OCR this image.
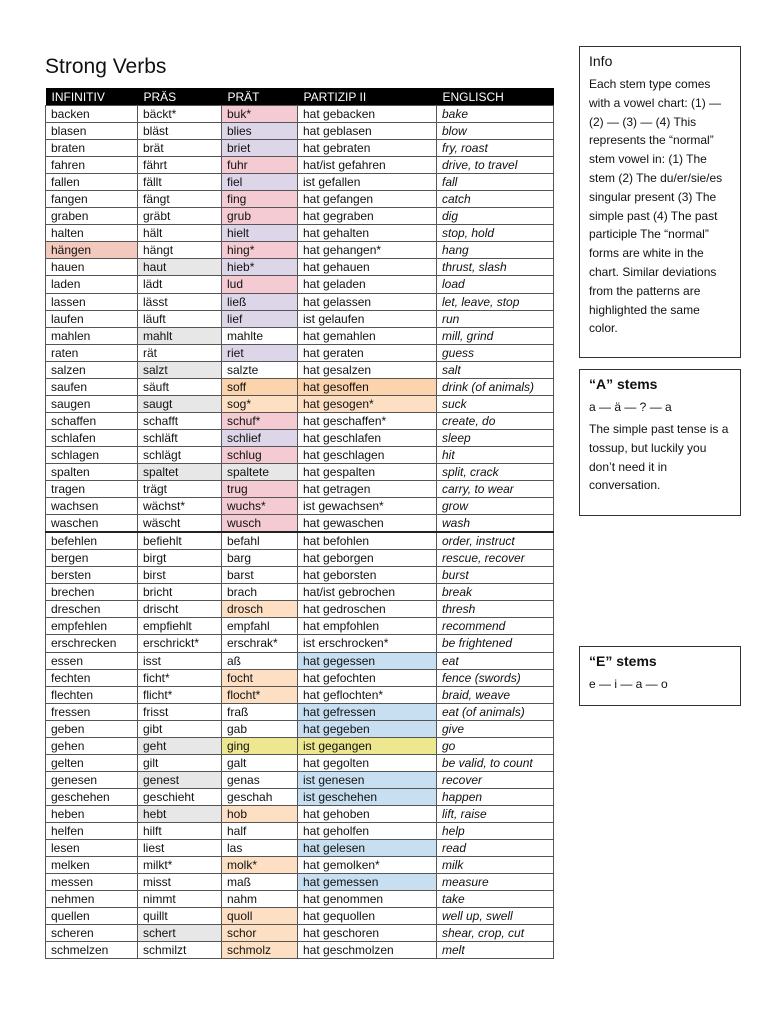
Strong Verbs
INFINITIV	PRÄS	PRÄT	PARTIZIP II	ENGLISCH
backen	bäckt*	buk*	hat gebacken	bake
blasen	bläst	blies	hat geblasen	blow
braten	brät	briet	hat gebraten	fry, roast
fahren	fährt	fuhr	hat/ist gefahren	drive, to travel
fallen	fällt	fiel	ist gefallen	fall
fangen	fängt	fing	hat gefangen	catch
graben	gräbt	grub	hat gegraben	dig
halten	hält	hielt	hat gehalten	stop, hold
hängen	hängt	hing*	hat gehangen*	hang
hauen	haut	hieb*	hat gehauen	thrust, slash
laden	lädt	lud	hat geladen	load
lassen	lässt	ließ	hat gelassen	let, leave, stop
laufen	läuft	lief	ist gelaufen	run
mahlen	mahlt	mahlte	hat gemahlen	mill, grind
raten	rät	riet	hat geraten	guess
salzen	salzt	salzte	hat gesalzen	salt
saufen	säuft	soff	hat gesoffen	drink (of animals)
saugen	saugt	sog*	hat gesogen*	suck
schaffen	schafft	schuf*	hat geschaffen*	create, do
schlafen	schläft	schlief	hat geschlafen	sleep
schlagen	schlägt	schlug	hat geschlagen	hit
spalten	spaltet	spaltete	hat gespalten	split, crack
tragen	trägt	trug	hat getragen	carry, to wear
wachsen	wächst*	wuchs*	ist gewachsen*	grow
waschen	wäscht	wusch	hat gewaschen	wash
befehlen	befiehlt	befahl	hat befohlen	order, instruct
bergen	birgt	barg	hat geborgen	rescue, recover
bersten	birst	barst	hat geborsten	burst
brechen	bricht	brach	hat/ist gebrochen	break
dreschen	drischt	drosch	hat gedroschen	thresh
empfehlen	empfiehlt	empfahl	hat empfohlen	recommend
erschrecken	erschrickt*	erschrak*	ist erschrocken*	be frightened
essen	isst	aß	hat gegessen	eat
fechten	ficht*	focht	hat gefochten	fence (swords)
flechten	flicht*	flocht*	hat geflochten*	braid, weave
fressen	frisst	fraß	hat gefressen	eat (of animals)
geben	gibt	gab	hat gegeben	give
gehen	geht	ging	ist gegangen	go
gelten	gilt	galt	hat gegolten	be valid, to count
genesen	genest	genas	ist genesen	recover
geschehen	geschieht	geschah	ist geschehen	happen
heben	hebt	hob	hat gehoben	lift, raise
helfen	hilft	half	hat geholfen	help
lesen	liest	las	hat gelesen	read
melken	milkt*	molk*	hat gemolken*	milk
messen	misst	maß	hat gemessen	measure
nehmen	nimmt	nahm	hat genommen	take
quellen	quillt	quoll	hat gequollen	well up, swell
scheren	schert	schor	hat geschoren	shear, crop, cut
schmelzen	schmilzt	schmolz	hat geschmolzen	melt
Info

Each stem type comes with a vowel chart: (1) — (2) — (3) — (4) This represents the “normal” stem vowel in: (1) The stem (2) The du/er/sie/es singular present (3) The simple past (4) The past participle The “normal” forms are white in the chart. Similar deviations from the patterns are highlighted the same color.

“A” stems
a — ä — ? — a

The simple past tense is a tossup, but luckily you don’t need it in conversation.

“E” stems
e — i — a — o
